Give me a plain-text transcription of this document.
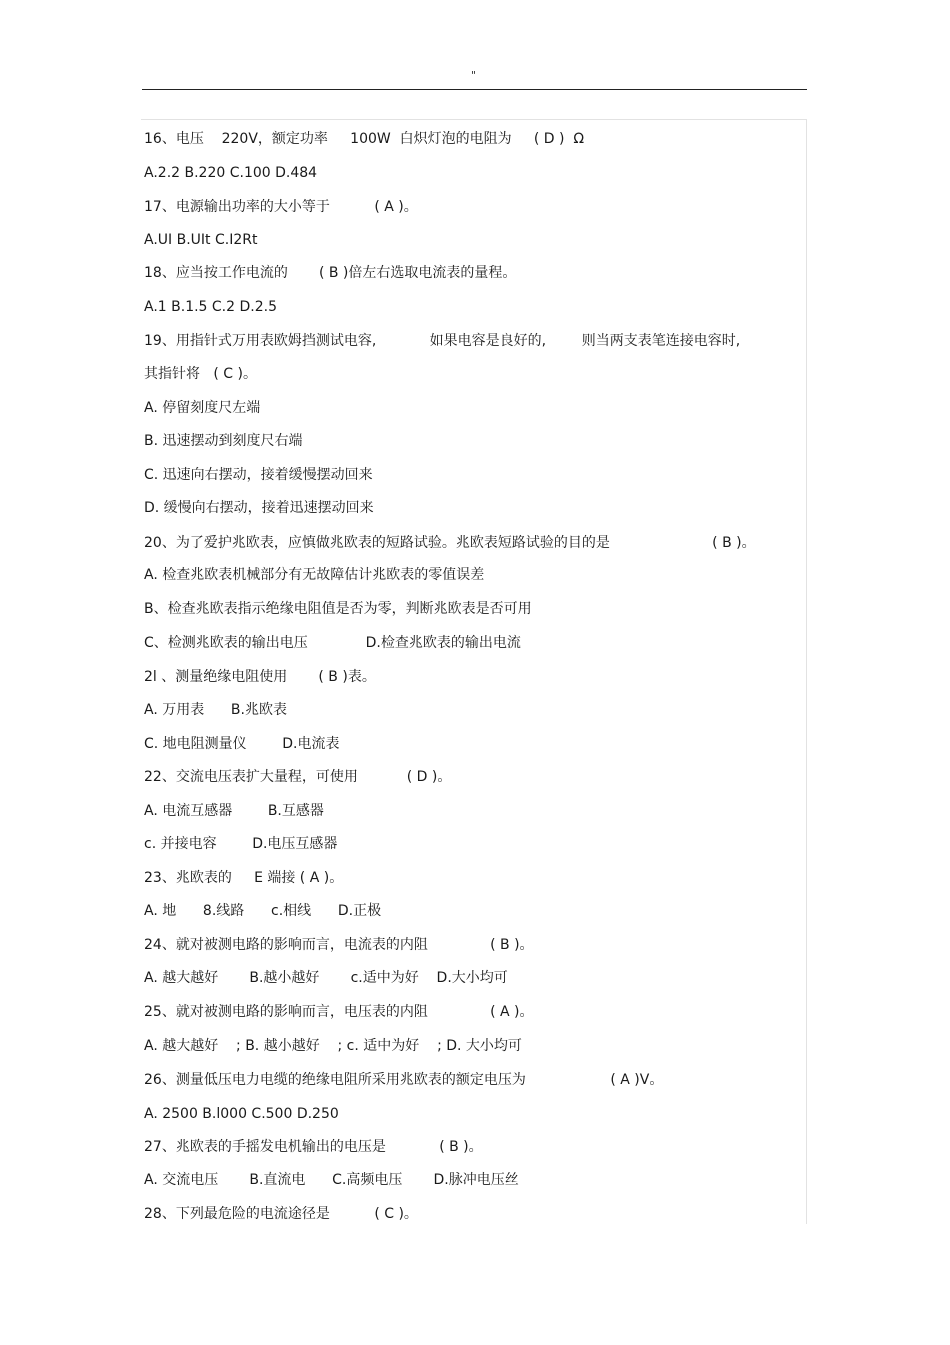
"
16、电压    220V，额定功率     100W  白炽灯泡的电阻为     ( D )  Ω
A.2.2 B.220 C.100 D.484
17、电源输出功率的大小等于          ( A )。
A.UI B.UIt C.I2Rt
18、应当按工作电流的       ( B )倍左右选取电流表的量程。
A.1 B.1.5 C.2 D.2.5
19、用指针式万用表欧姆挡测试电容,            如果电容是良好的,        则当两支表笔连接电容时,
其指针将   ( C )。
A. 停留刻度尺左端
B. 迅速摆动到刻度尺右端
C. 迅速向右摆动，接着缓慢摆动回来
D. 缓慢向右摆动，接着迅速摆动回来
20、为了爱护兆欧表，应慎做兆欧表的短路试验。兆欧表短路试验的目的是                       ( B )。
A. 检查兆欧表机械部分有无故障估计兆欧表的零值误差
B、检查兆欧表指示绝缘电阻值是否为零，判断兆欧表是否可用
C、检测兆欧表的输出电压             D.检查兆欧表的输出电流
2l 、测量绝缘电阻使用       ( B )表。
A. 万用表      B.兆欧表
C. 地电阻测量仪        D.电流表
22、交流电压表扩大量程，可使用           ( D )。
A. 电流互感器        B.互感器
c. 并接电容        D.电压互感器
23、兆欧表的     E 端接 ( A )。
A. 地      8.线路      c.相线      D.正极
24、就对被测电路的影响而言，电流表的内阻              ( B )。
A. 越大越好       B.越小越好       c.适中为好    D.大小均可
25、就对被测电路的影响而言，电压表的内阻              ( A )。
A. 越大越好    ; B. 越小越好    ; c. 适中为好    ; D. 大小均可
26、测量低压电力电缆的绝缘电阻所采用兆欧表的额定电压为                   ( A )V。
A. 2500 B.l000 C.500 D.250
27、兆欧表的手摇发电机输出的电压是            ( B )。
A. 交流电压       B.直流电      C.高频电压       D.脉冲电压丝
28、下列最危险的电流途径是          ( C )。
